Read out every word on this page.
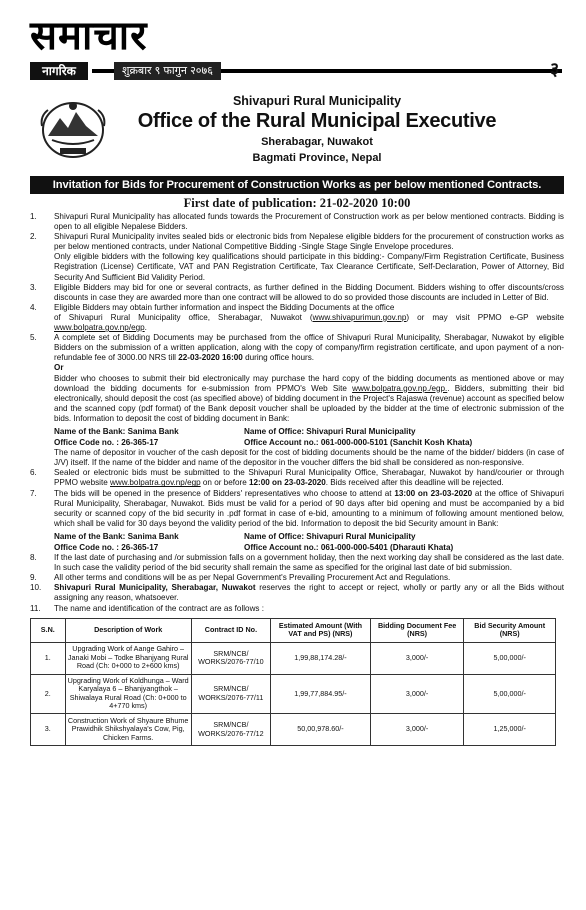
समाचार
नागरिक	शुक्रबार ९ फागुन २०७६	३
Shivapuri Rural Municipality
Office of the Rural Municipal Executive
Sherabagar, Nuwakot
Bagmati Province, Nepal
Invitation for Bids for Procurement of Construction Works as per below mentioned Contracts.
First date of publication: 21-02-2020 10:00
1.	Shivapuri Rural Municipality has allocated funds towards the Procurement of Construction work as per below mentioned contracts. Bidding is open to all eligible Nepalese Bidders.

2.	Shivapuri Rural Municipality invites sealed bids or electronic bids from Nepalese eligible bidders for the procurement of construction works as per below mentioned contracts, under National Competitive Bidding -Single Stage Single Envelope procedures.

Only eligible bidders with the following key qualifications should participate in this bidding:- Company/Firm Registration Certificate, Business Registration (License) Certificate, VAT and PAN Registration Certificate, Tax Clearance Certificate, Self-Declaration, Power of Attorney, Bid Security And Sufficient Bid Validity Period.

3.	Eligible Bidders may bid for one or several contracts, as further defined in the Bidding Document. Bidders wishing to offer discounts/cross discounts in case they are awarded more than one contract will be allowed to do so provided those discounts are included in Letter of Bid.

4.	Eligible Bidders may obtain further information and inspect the Bidding Documents at the office

of Shivapuri Rural Municipality office, Sherabagar, Nuwakot (www.shivapurimun.gov.np) or may visit PPMO e-GP website www.bolpatra.gov.np/egp.

5.	A complete set of Bidding Documents may be purchased from the office of Shivapuri Rural Municipality, Sherabagar, Nuwakot by eligible Bidders on the submission of a written application, along with the copy of company/firm registration certificate, and upon payment of a non-refundable fee of 3000.00 NRS till 22-03-2020 16:00 during office hours.

Or

Bidder who chooses to submit their bid electronically may purchase the hard copy of the bidding documents as mentioned above or may download the bidding documents for e-submission from PPMO's Web Site www.bolpatra.gov.np./egp.. Bidders, submitting their bid electronically, should deposit the cost (as specified above) of bidding document in the Project's Rajaswa (revenue) account as specified below and the scanned copy (pdf format) of the Bank deposit voucher shall be uploaded by the bidder at the time of electronic submission of the bids. Information to deposit the cost of bidding document in Bank:

Name of the Bank: Sanima Bank	Name of Office: Shivapuri Rural Municipality
Office Code no. : 26-365-17	Office Account no.: 061-000-000-5101 (Sanchit Kosh Khata)

The name of depositor in voucher of the cash deposit for the cost of bidding documents should be the name of the bidder/ bidders (in case of J/V) itself. If the name of the bidder and name of the depositor in the voucher differs the bid shall be considered as non-responsive.

6.	Sealed or electronic bids must be submitted to the Shivapuri Rural Municipality Office, Sherabagar, Nuwakot by hand/courier or through PPMO website www.bolpatra.gov.np/egp on or before 12:00 on 23-03-2020. Bids received after this deadline will be rejected.

7.	The bids will be opened in the presence of Bidders' representatives who choose to attend at 13:00 on 23-03-2020 at the office of Shivapuri Rural Municipality, Sherabagar, Nuwakot. Bids must be valid for a period of 90 days after bid opening and must be accompanied by a bid security or scanned copy of the bid security in .pdf format in case of e-bid, amounting to a minimum of following amount mentioned below, which shall be valid for 30 days beyond the validity period of the bid. Information to deposit the bid Security amount in Bank:

Name of the Bank: Sanima Bank	Name of Office: Shivapuri Rural Municipality
Office Code no. : 26-365-17	Office Account no.: 061-000-000-5401 (Dharauti Khata)
8.	If the last date of purchasing and /or submission falls on a government holiday, then the next working day shall be considered as the last date. In such case the validity period of the bid security shall remain the same as specified for the original last date of bid submission.

9.	All other terms and conditions will be as per Nepal Government's Prevailing Procurement Act and Regulations.

10.	Shivapuri Rural Municipality, Sherabagar, Nuwakot reserves the right to accept or reject, wholly or partly any or all the Bids without assigning any reason, whatsoever.

11.	The name and identification of the contract are as follows :

S.N.	Description of Work	Contract ID No.	Estimated Amount (With VAT and PS) (NRS)	Bidding Document Fee (NRS)	Bid Security Amount (NRS)
1.	Upgrading Work of Aange Gahiro – Janaki Mobi – Todke Bhanjyang Rural Road (Ch: 0+000 to 2+600 kms)	SRM/NCB/ WORKS/2076-77/10	1,99,88,174.28/-	3,000/-	5,00,000/-
2.	Upgrading Work of Koldhunga – Ward Karyalaya 6 – Bhanjyangthok – Shiwalaya Rural Road (Ch: 0+000 to 4+770 kms)	SRM/NCB/ WORKS/2076-77/11	1,99,77,884.95/-	3,000/-	5,00,000/-
3.	Construction Work of Shyaure Bhume Prawidhik Shikshyalaya's Cow, Pig, Chicken Farms.	SRM/NCB/ WORKS/2076-77/12	50,00,978.60/-	3,000/-	1,25,000/-
